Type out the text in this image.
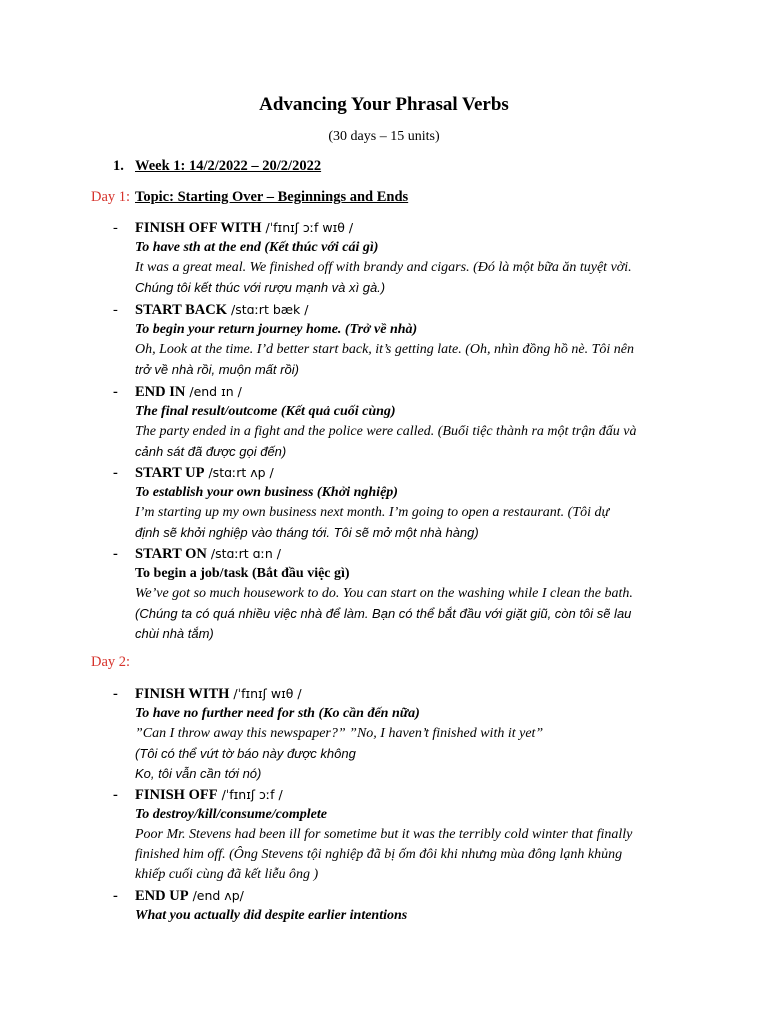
Advancing Your Phrasal Verbs
(30 days – 15 units)
1. Week 1: 14/2/2022 – 20/2/2022
Day 1: Topic: Starting Over – Beginnings and Ends
- FINISH OFF WITH /ˈfɪnɪʃ ɔːf wɪθ /
To have sth at the end (Kết thúc với cái gì)
It was a great meal. We finished off with brandy and cigars. (Đó là một bữa ăn tuyệt vời.
Chúng tôi kết thúc với rượu mạnh và xì gà.)
- START BACK /stɑːrt bæk /
To begin your return journey home. (Trở về nhà)
Oh, Look at the time. I’d better start back, it’s getting late. (Oh, nhìn đồng hồ nè. Tôi nên
trở về nhà rồi, muộn mất rồi)
- END IN /end ɪn /
The final result/outcome (Kết quả cuối cùng)
The party ended in a fight and the police were called. (Buổi tiệc thành ra một trận đấu và
cảnh sát đã được gọi đến)
- START UP /stɑːrt ʌp /
To establish your own business (Khởi nghiệp)
I’m starting up my own business next month. I’m going to open a restaurant. (Tôi dự
định sẽ khởi nghiệp vào tháng tới. Tôi sẽ mở một nhà hàng)
- START ON /stɑːrt ɑːn /
To begin a job/task (Bắt đầu việc gì)
We’ve got so much housework to do. You can start on the washing while I clean the bath.
(Chúng ta có quá nhiều việc nhà để làm. Bạn có thể bắt đầu với giặt giũ, còn tôi sẽ lau
chùi nhà tắm)
Day 2:
- FINISH WITH /ˈfɪnɪʃ wɪθ /
To have no further need for sth (Ko cần đến nữa)
”Can I throw away this newspaper?” ”No, I haven’t finished with it yet”
(Tôi có thể vứt tờ báo này được không
Ko, tôi vẫn cần tới nó)
- FINISH OFF /ˈfɪnɪʃ ɔːf /
To destroy/kill/consume/complete
Poor Mr. Stevens had been ill for sometime but it was the terribly cold winter that finally
finished him off. (Ông Stevens tội nghiệp đã bị ốm đôi khi nhưng mùa đông lạnh khủng
khiếp cuối cùng đã kết liễu ông )
- END UP /end ʌp/
What you actually did despite earlier intentions
